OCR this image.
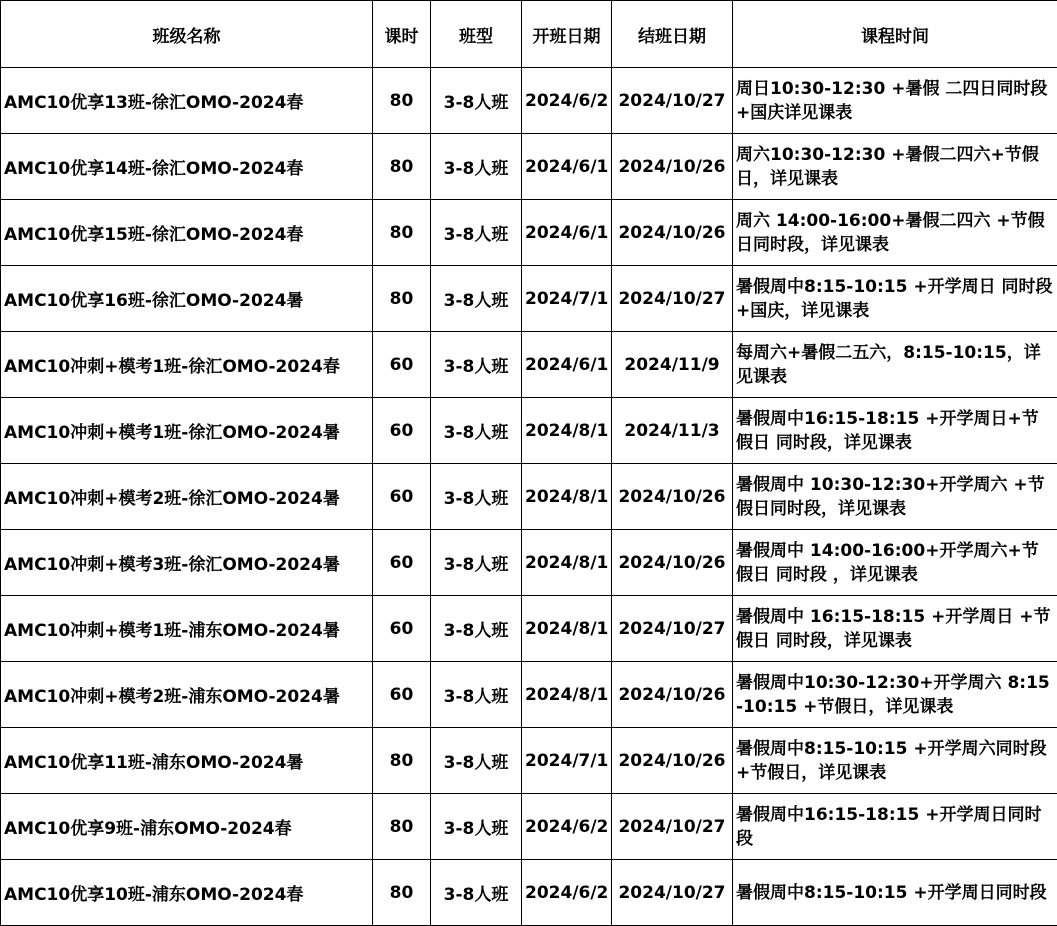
班级名称	课时	班型	开班日期	结班日期	课程时间
AMC10优享13班-徐汇OMO-2024春	80	3-8人班	2024/6/2	2024/10/27	周日10:30-12:30 +暑假 二四日同时段+国庆详见课表
AMC10优享14班-徐汇OMO-2024春	80	3-8人班	2024/6/1	2024/10/26	周六10:30-12:30 +暑假二四六+节假日，详见课表
AMC10优享15班-徐汇OMO-2024春	80	3-8人班	2024/6/1	2024/10/26	周六 14:00-16:00+暑假二四六 +节假日同时段，详见课表
AMC10优享16班-徐汇OMO-2024暑	80	3-8人班	2024/7/1	2024/10/27	暑假周中8:15-10:15 +开学周日 同时段+国庆，详见课表
AMC10冲刺+模考1班-徐汇OMO-2024春	60	3-8人班	2024/6/1	2024/11/9	每周六+暑假二五六，8:15-10:15，详见课表
AMC10冲刺+模考1班-徐汇OMO-2024暑	60	3-8人班	2024/8/1	2024/11/3	暑假周中16:15-18:15 +开学周日+节假日 同时段，详见课表
AMC10冲刺+模考2班-徐汇OMO-2024暑	60	3-8人班	2024/8/1	2024/10/26	暑假周中 10:30-12:30+开学周六 +节假日同时段，详见课表
AMC10冲刺+模考3班-徐汇OMO-2024暑	60	3-8人班	2024/8/1	2024/10/26	暑假周中 14:00-16:00+开学周六+节假日 同时段 ，详见课表
AMC10冲刺+模考1班-浦东OMO-2024暑	60	3-8人班	2024/8/1	2024/10/27	暑假周中 16:15-18:15 +开学周日 +节假日 同时段，详见课表
AMC10冲刺+模考2班-浦东OMO-2024暑	60	3-8人班	2024/8/1	2024/10/26	暑假周中10:30-12:30+开学周六 8:15-10:15 +节假日，详见课表
AMC10优享11班-浦东OMO-2024暑	80	3-8人班	2024/7/1	2024/10/26	暑假周中8:15-10:15 +开学周六同时段+节假日，详见课表
AMC10优享9班-浦东OMO-2024春	80	3-8人班	2024/6/2	2024/10/27	暑假周中16:15-18:15 +开学周日同时段
AMC10优享10班-浦东OMO-2024春	80	3-8人班	2024/6/2	2024/10/27	暑假周中8:15-10:15 +开学周日同时段
